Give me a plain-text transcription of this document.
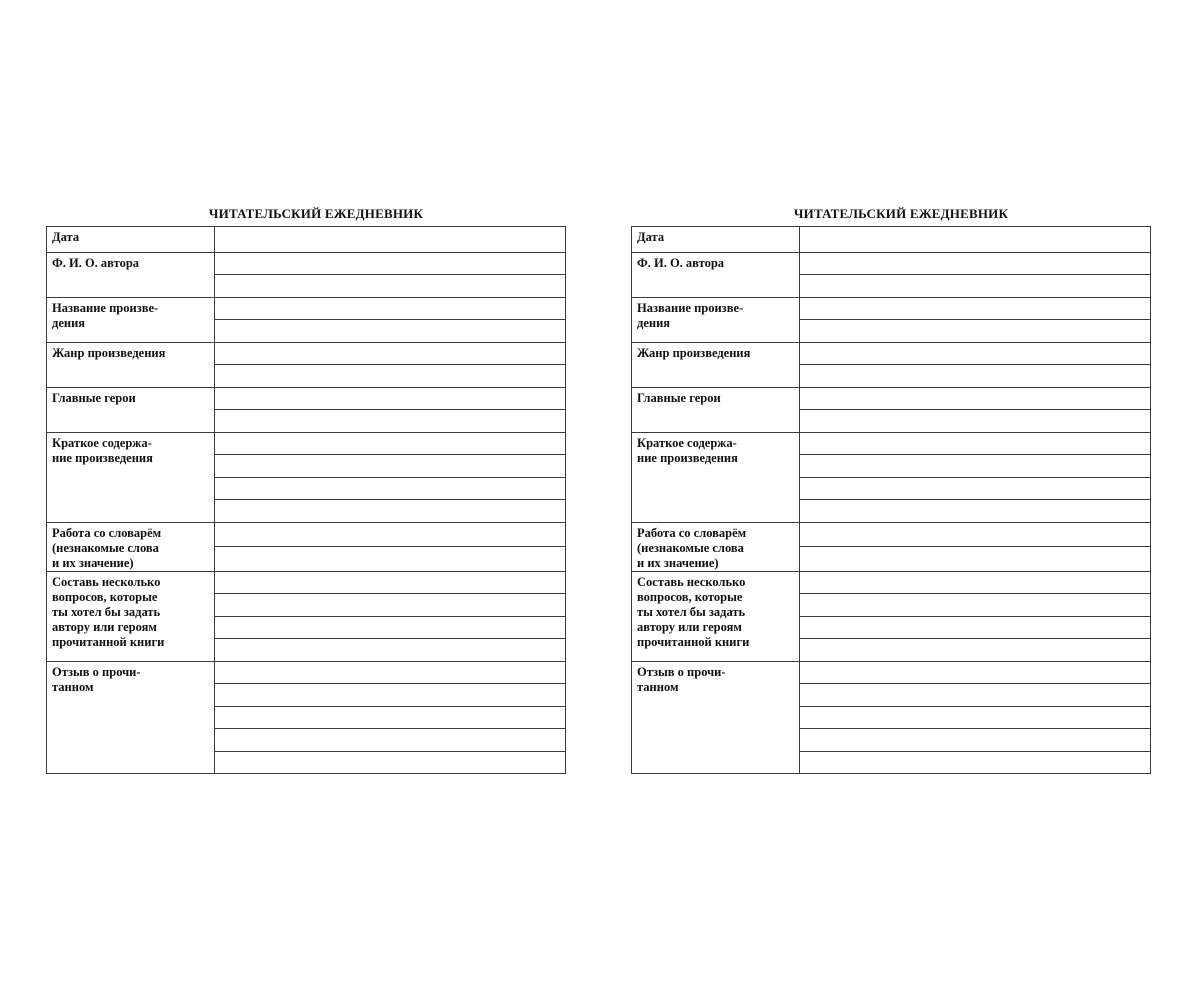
ЧИТАТЕЛЬСКИЙ ЕЖЕДНЕВНИК
Дата	
Ф. И. О. автора	

Название произве-
дения	

Жанр произведения	

Главные герои	

Краткое содержа-
ние произведения	

Работа со словарём
(незнакомые слова
и их значение)	

Составь несколько
вопросов, которые
ты хотел бы задать
автору или героям
прочитанной книги	

Отзыв о прочи-
танном	

ЧИТАТЕЛЬСКИЙ ЕЖЕДНЕВНИК
Дата	
Ф. И. О. автора	

Название произве-
дения	

Жанр произведения	

Главные герои	

Краткое содержа-
ние произведения	

Работа со словарём
(незнакомые слова
и их значение)	

Составь несколько
вопросов, которые
ты хотел бы задать
автору или героям
прочитанной книги	

Отзыв о прочи-
танном	
